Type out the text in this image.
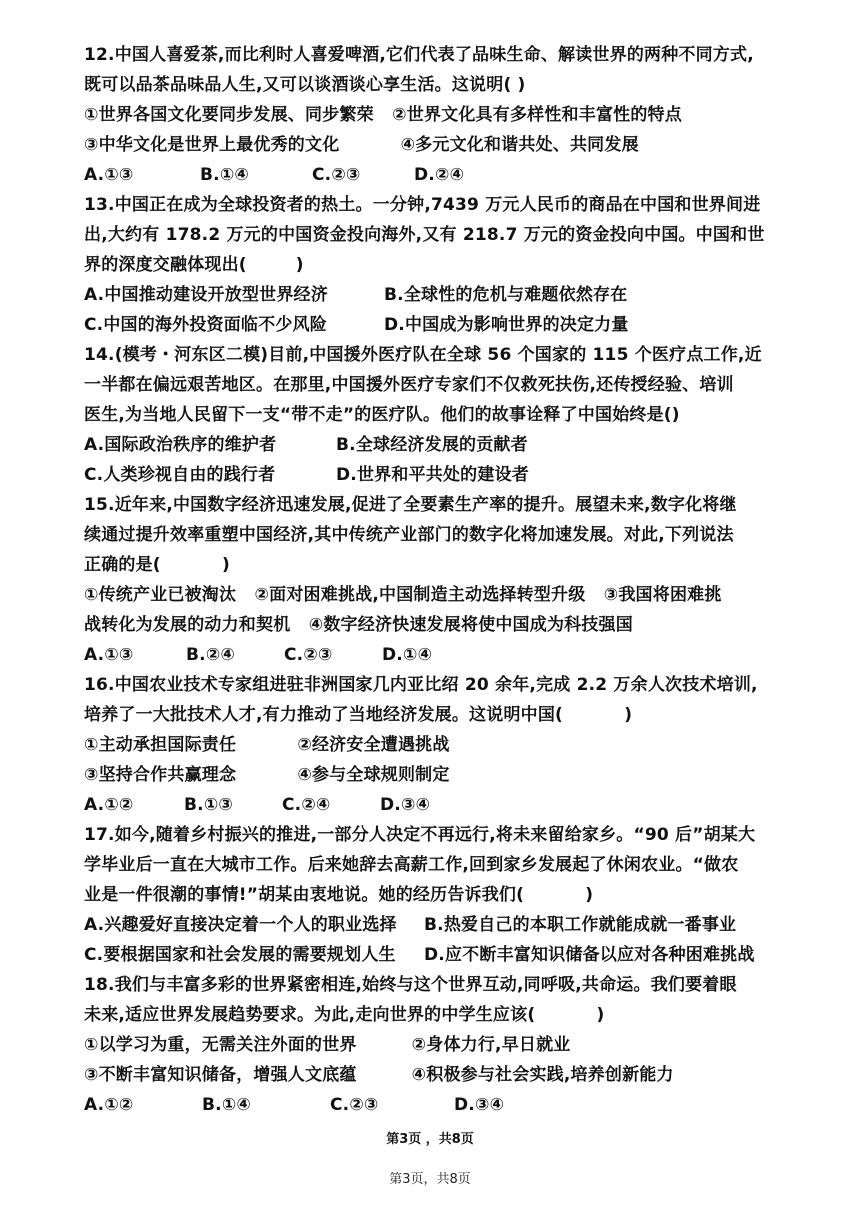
12.中国人喜爱茶,而比利时人喜爱啤酒,它们代表了品味生命、解读世界的两种不同方式,
既可以品茶品味品人生,又可以谈酒谈心享生活。这说明( )
①世界各国文化要同步发展、同步繁荣   ②世界文化具有多样性和丰富性的特点
③中华文化是世界上最优秀的文化          ④多元文化和谐共处、共同发展
A.①③	B.①④	C.②③	D.②④
13.中国正在成为全球投资者的热土。一分钟,7439 万元人民币的商品在中国和世界间进
出,大约有 178.2 万元的中国资金投向海外,又有 218.7 万元的资金投向中国。中国和世
界的深度交融体现出(        )
A.中国推动建设开放型世界经济	B.全球性的危机与难题依然存在
C.中国的海外投资面临不少风险	D.中国成为影响世界的决定力量
14.(模考・河东区二模)目前,中国援外医疗队在全球 56 个国家的 115 个医疗点工作,近
一半都在偏远艰苦地区。在那里,中国援外医疗专家们不仅救死扶伤,还传授经验、培训
医生,为当地人民留下一支“带不走”的医疗队。他们的故事诠释了中国始终是()
A.国际政治秩序的维护者	B.全球经济发展的贡献者
C.人类珍视自由的践行者	D.世界和平共处的建设者
15.近年来,中国数字经济迅速发展,促进了全要素生产率的提升。展望未来,数字化将继
续通过提升效率重塑中国经济,其中传统产业部门的数字化将加速发展。对此,下列说法
正确的是(          )
①传统产业已被淘汰   ②面对困难挑战,中国制造主动选择转型升级   ③我国将困难挑
战转化为发展的动力和契机   ④数字经济快速发展将使中国成为科技强国
A.①③	B.②④	C.②③	D.①④
16.中国农业技术专家组进驻非洲国家几内亚比绍 20 余年,完成 2.2 万余人次技术培训,
培养了一大批技术人才,有力推动了当地经济发展。这说明中国(          )
①主动承担国际责任          ②经济安全遭遇挑战
③坚持合作共赢理念          ④参与全球规则制定
A.①②	B.①③	C.②④	D.③④
17.如今,随着乡村振兴的推进,一部分人决定不再远行,将未来留给家乡。“90 后”胡某大
学毕业后一直在大城市工作。后来她辞去高薪工作,回到家乡发展起了休闲农业。“做农
业是一件很潮的事情!”胡某由衷地说。她的经历告诉我们(          )
A.兴趣爱好直接决定着一个人的职业选择	B.热爱自己的本职工作就能成就一番事业
C.要根据国家和社会发展的需要规划人生	D.应不断丰富知识储备以应对各种困难挑战
18.我们与丰富多彩的世界紧密相连,始终与这个世界互动,同呼吸,共命运。我们要着眼
未来,适应世界发展趋势要求。为此,走向世界的中学生应该(          )
①以学习为重，无需关注外面的世界         ②身体力行,早日就业
③不断丰富知识储备，增强人文底蕴         ④积极参与社会实践,培养创新能力
A.①②	B.①④	C.②③	D.③④
第3页 ，共8页
第3页，共8页
